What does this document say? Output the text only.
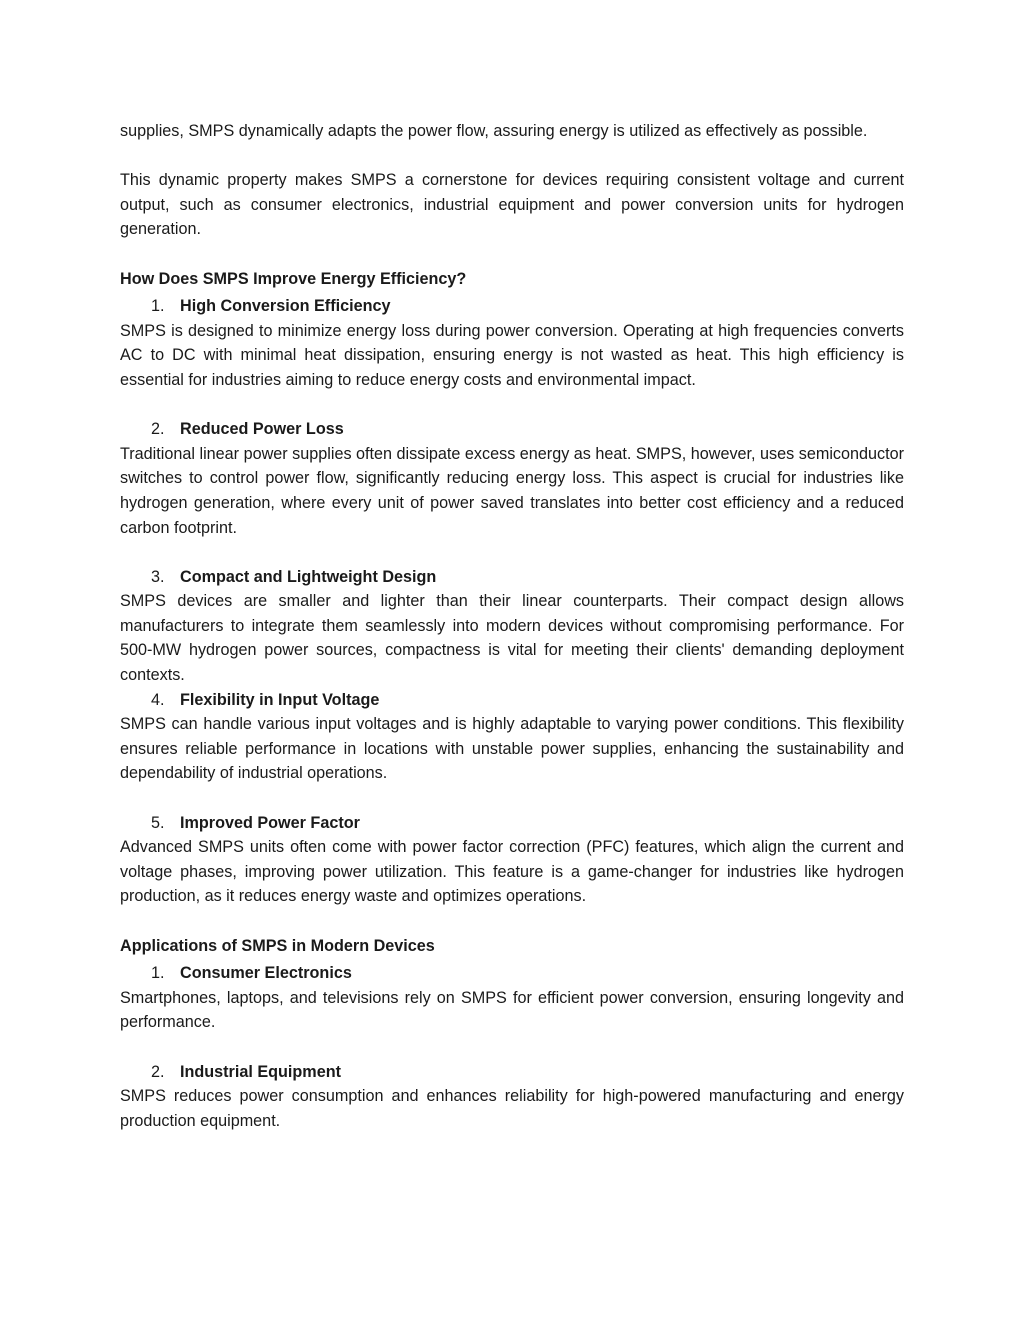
supplies, SMPS dynamically adapts the power flow, assuring energy is utilized as effectively as possible.

This dynamic property makes SMPS a cornerstone for devices requiring consistent voltage and current output, such as consumer electronics, industrial equipment and power conversion units for hydrogen generation.

How Does SMPS Improve Energy Efficiency?

1. High Conversion Efficiency

SMPS is designed to minimize energy loss during power conversion. Operating at high frequencies converts AC to DC with minimal heat dissipation, ensuring energy is not wasted as heat. This high efficiency is essential for industries aiming to reduce energy costs and environmental impact.

2. Reduced Power Loss

Traditional linear power supplies often dissipate excess energy as heat. SMPS, however, uses semiconductor switches to control power flow, significantly reducing energy loss. This aspect is crucial for industries like hydrogen generation, where every unit of power saved translates into better cost efficiency and a reduced carbon footprint.

3. Compact and Lightweight Design

SMPS devices are smaller and lighter than their linear counterparts. Their compact design allows manufacturers to integrate them seamlessly into modern devices without compromising performance. For 500-MW hydrogen power sources, compactness is vital for meeting their clients' demanding deployment contexts.

4. Flexibility in Input Voltage

SMPS can handle various input voltages and is highly adaptable to varying power conditions. This flexibility ensures reliable performance in locations with unstable power supplies, enhancing the sustainability and dependability of industrial operations.

5. Improved Power Factor

Advanced SMPS units often come with power factor correction (PFC) features, which align the current and voltage phases, improving power utilization. This feature is a game-changer for industries like hydrogen production, as it reduces energy waste and optimizes operations.

Applications of SMPS in Modern Devices

1. Consumer Electronics

Smartphones, laptops, and televisions rely on SMPS for efficient power conversion, ensuring longevity and performance.

2. Industrial Equipment

SMPS reduces power consumption and enhances reliability for high-powered manufacturing and energy production equipment.
